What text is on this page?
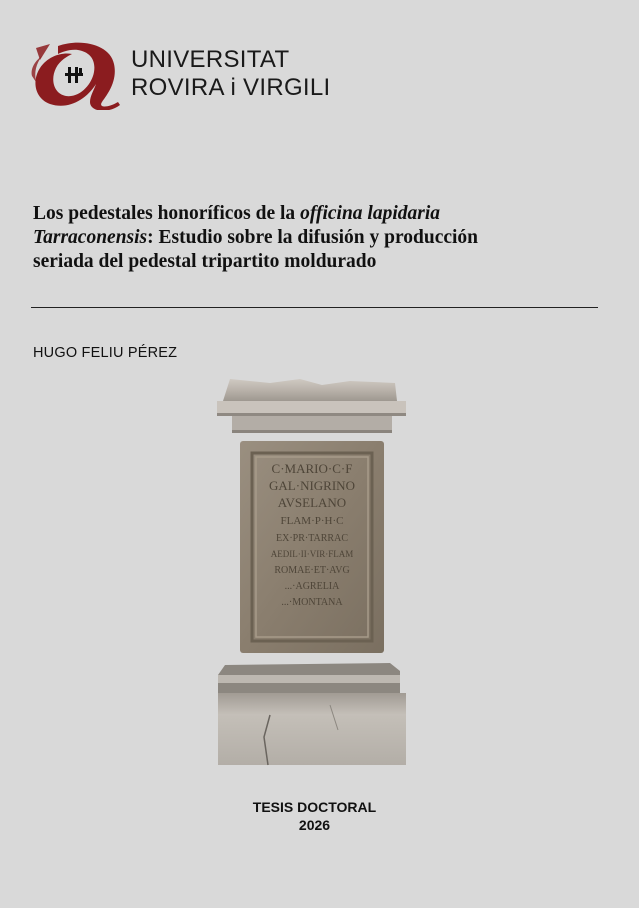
UNIVERSITAT
ROVIRA i VIRGILI
Los pedestales honoríficos de la officina lapidaria
Tarraconensis: Estudio sobre la difusión y producción
seriada del pedestal tripartito moldurado
HUGO FELIU PÉREZ
C·MARIO·C·F
GAL·NIGRINO
AVSELANO
FLAM·P·H·C
EX·PR·TARRAC
AEDIL·II·VIR·FLAM
ROMAE·ET·AVG
...·AGRELIA
...·MONTANA
TESIS DOCTORAL
2026
